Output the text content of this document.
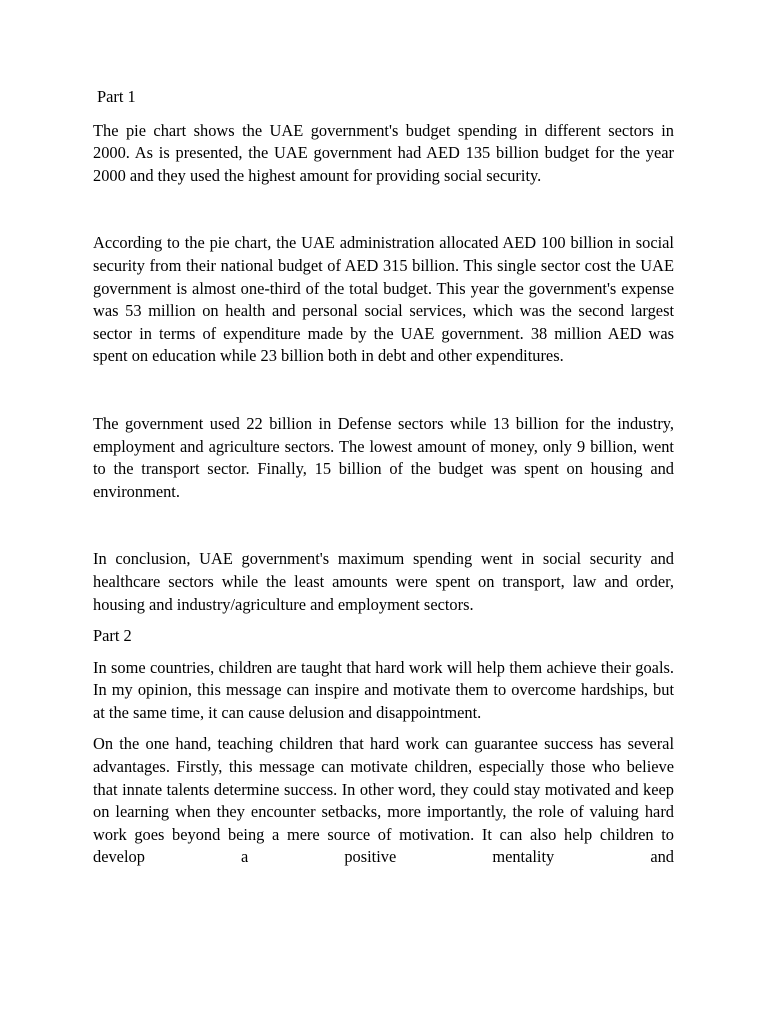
Part 1

The pie chart shows the UAE government's budget spending in different sectors in 2000. As is presented, the UAE government had AED 135 billion budget for the year 2000 and they used the highest amount for providing social security.

According to the pie chart, the UAE administration allocated AED 100 billion in social security from their national budget of AED 315 billion. This single sector cost the UAE government is almost one-third of the total budget. This year the government's expense was 53 million on health and personal social services, which was the second largest sector in terms of expenditure made by the UAE government. 38 million AED was spent on education while 23 billion both in debt and other expenditures.

The government used 22 billion in Defense sectors while 13 billion for the industry, employment and agriculture sectors. The lowest amount of money, only 9 billion, went to the transport sector. Finally, 15 billion of the budget was spent on housing and environment.

In conclusion, UAE government's maximum spending went in social security and healthcare sectors while the least amounts were spent on transport, law and order, housing and industry/agriculture and employment sectors.

Part 2

In some countries, children are taught that hard work will help them achieve their goals. In my opinion, this message can inspire and motivate them to overcome hardships, but at the same time, it can cause delusion and disappointment.

On the one hand, teaching children that hard work can guarantee success has several advantages. Firstly, this message can motivate children, especially those who believe that innate talents determine success. In other word, they could stay motivated and keep on learning when they encounter setbacks, more importantly, the role of valuing hard work goes beyond being a mere source of motivation. It can also help children to develop a positive mentality and
